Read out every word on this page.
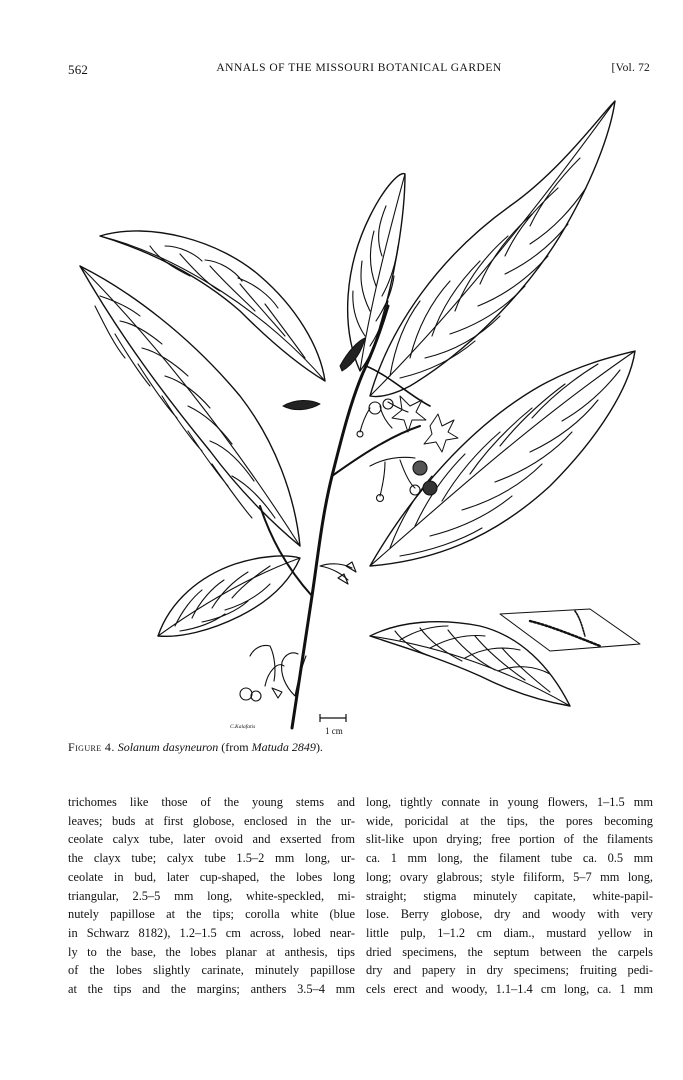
562	ANNALS OF THE MISSOURI BOTANICAL GARDEN	[Vol. 72
1 cm
C.Kalafatis
Figure 4. Solanum dasyneuron (from Matuda 2849).
trichomes like those of the young stems and
leaves; buds at first globose, enclosed in the ur-
ceolate calyx tube, later ovoid and exserted from
the clayx tube; calyx tube 1.5–2 mm long, ur-
ceolate in bud, later cup-shaped, the lobes long
triangular, 2.5–5 mm long, white-speckled, mi-
nutely papillose at the tips; corolla white (blue
in Schwarz 8182), 1.2–1.5 cm across, lobed near-
ly to the base, the lobes planar at anthesis, tips
of the lobes slightly carinate, minutely papillose
at the tips and the margins; anthers 3.5–4 mm
long, tightly connate in young flowers, 1–1.5 mm
wide, poricidal at the tips, the pores becoming
slit-like upon drying; free portion of the filaments
ca. 1 mm long, the filament tube ca. 0.5 mm
long; ovary glabrous; style filiform, 5–7 mm long,
straight; stigma minutely capitate, white-papil-
lose. Berry globose, dry and woody with very
little pulp, 1–1.2 cm diam., mustard yellow in
dried specimens, the septum between the carpels
dry and papery in dry specimens; fruiting pedi-
cels erect and woody, 1.1–1.4 cm long, ca. 1 mm
